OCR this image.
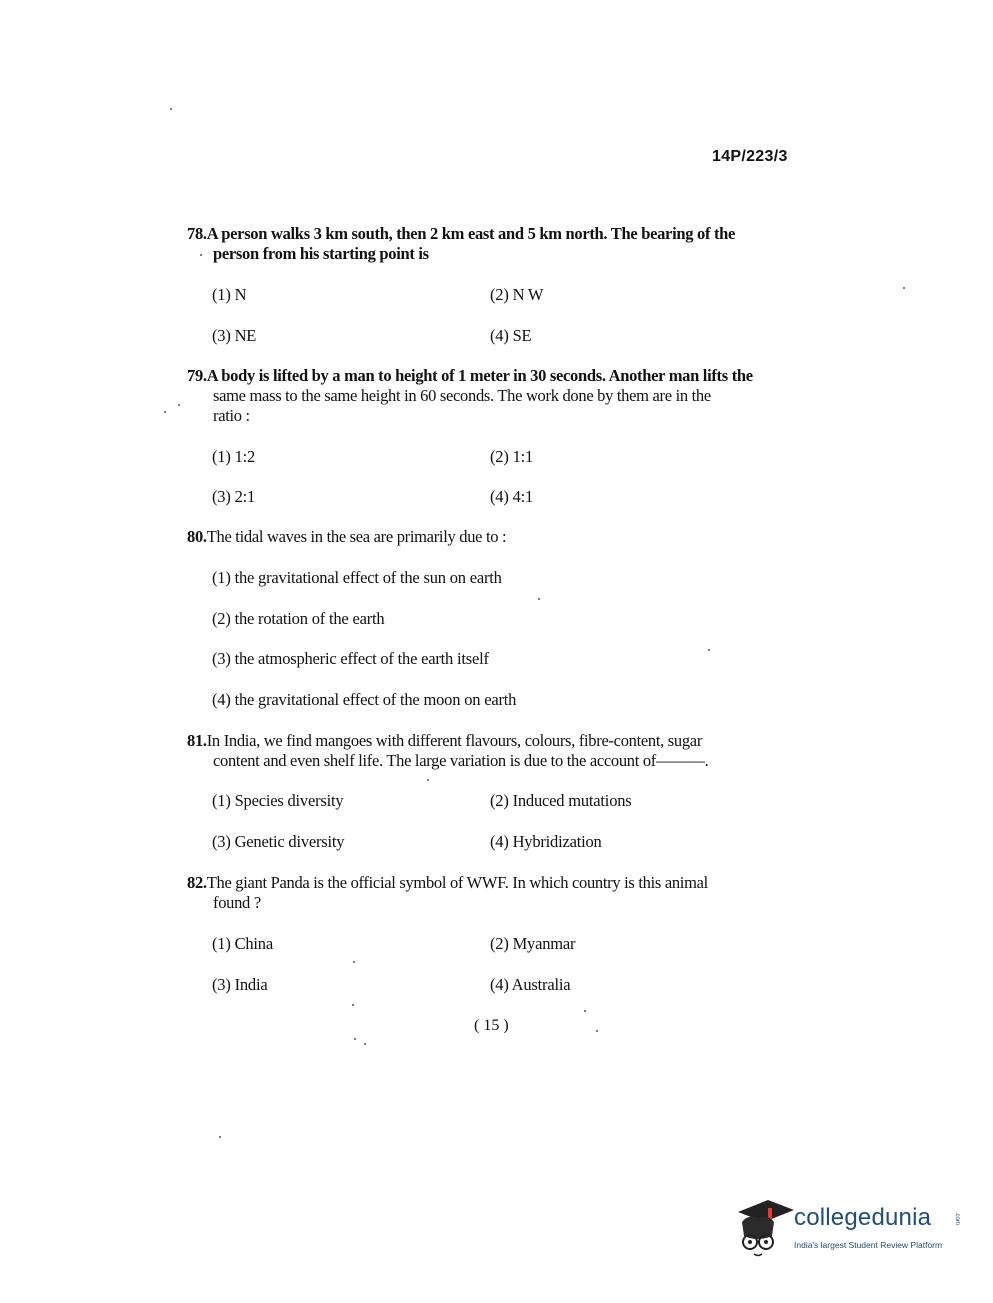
14P/223/3
78.A person walks 3 km south, then 2 km east and 5 km north. The bearing of the
person from his starting point is
(1) N	(2) N W
(3) NE	(4) SE
79.A body is lifted by a man to height of 1 meter in 30 seconds. Another man lifts the
same mass to the same height in 60 seconds. The work done by them are in the
ratio :
(1) 1:2	(2) 1:1
(3) 2:1	(4) 4:1
80.The tidal waves in the sea are primarily due to :
(1) the gravitational effect of the sun on earth
(2) the rotation of the earth
(3) the atmospheric effect of the earth itself
(4) the gravitational effect of the moon on earth
81.In India, we find mangoes with different flavours, colours, fibre-content, sugar
content and even shelf life. The large variation is due to the account of———.
(1) Species diversity	(2) Induced mutations
(3) Genetic diversity	(4) Hybridization
82.The giant Panda is the official symbol of WWF. In which country is this animal
found ?
(1) China	(2) Myanmar
(3) India	(4) Australia
( 15 )
collegedunia	.com
India's largest Student Review Platform
